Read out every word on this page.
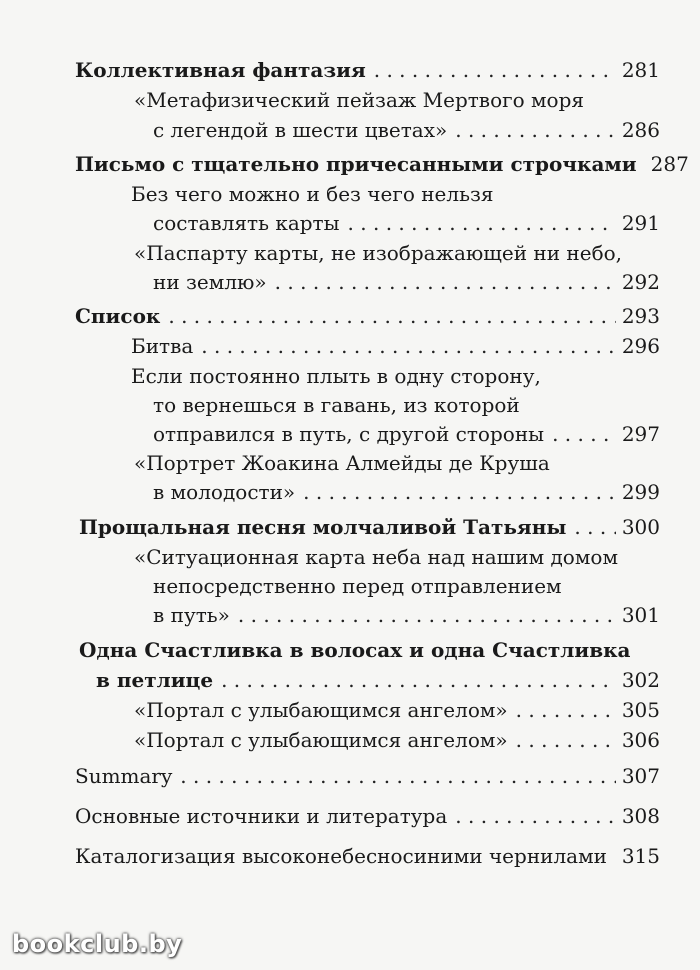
Коллективная фантазия . . .	281
«Метафизический пейзаж Мертвого моря
с легендой в шести цветах» . . .	286
Письмо с тщательно причесанными строчками 287
Без чего можно и без чего нельзя
составлять карты . . .	291
«Паспарту карты, не изображающей ни небо,
ни землю» . . .	292
Список . . .	293
Битва . . .	296
Если постоянно плыть в одну сторону,
то вернешься в гавань, из которой
отправился в путь, с другой стороны . . .	297
«Портрет Жоакина Алмейды де Круша
в молодости» . . .	299
Прощальная песня молчаливой Татьяны . . .	300
«Ситуационная карта неба над нашим домом
непосредственно перед отправлением
в путь» . . .	301
Одна Счастливка в волосах и одна Счастливка
в петлице . . .	302
«Портал с улыбающимся ангелом» . . .	305
«Портал с улыбающимся ангелом» . . .	306
Summary . . .	307
Основные источники и литература . . .	308
Каталогизация высоконебесносиними чернилами . . . 315
bookclub.by
